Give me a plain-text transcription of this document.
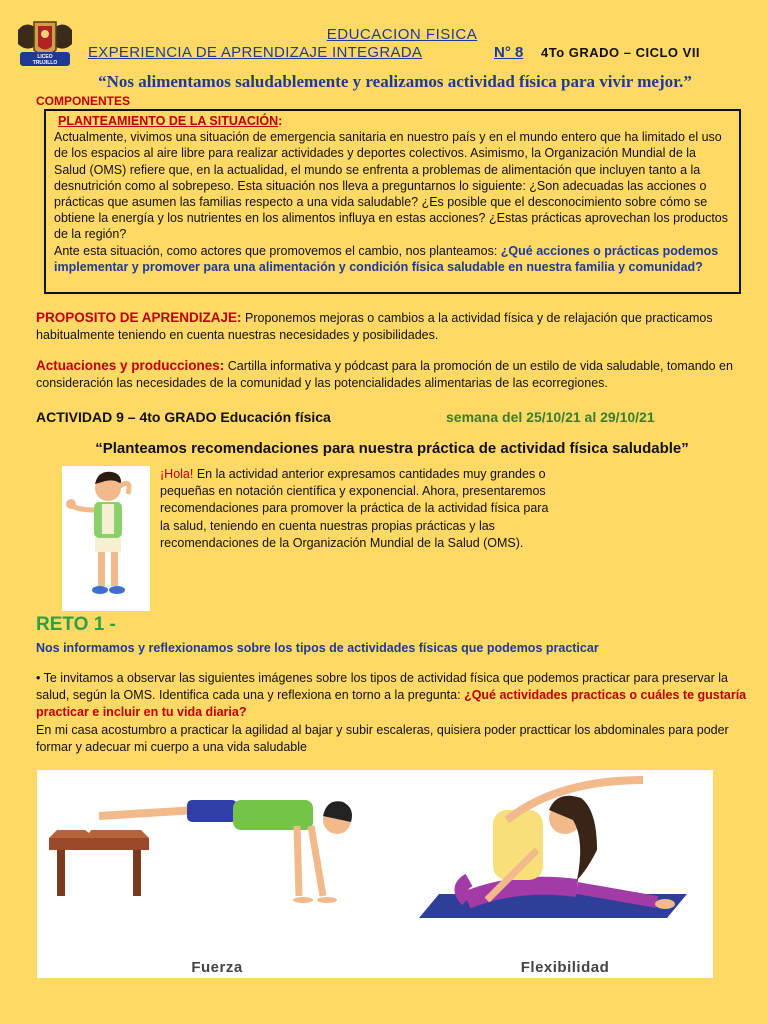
LICEO
TRUJILLO
EDUCACION FISICA
EXPERIENCIA DE APRENDIZAJE INTEGRADA	N° 8 4To GRADO – CICLO VII
“Nos alimentamos saludablemente y realizamos actividad física para vivir mejor.”
COMPONENTES
PLANTEAMIENTO DE LA SITUACIÓN:
Actualmente, vivimos una situación de emergencia sanitaria en nuestro país y en el mundo entero que ha limitado el uso de los espacios al aire libre para realizar actividades y deportes colectivos. Asimismo, la Organización Mundial de la Salud (OMS) refiere que, en la actualidad, el mundo se enfrenta a problemas de alimentación que incluyen tanto a la desnutrición como al sobrepeso. Esta situación nos lleva a preguntarnos lo siguiente: ¿Son adecuadas las acciones o prácticas que asumen las familias respecto a una vida saludable? ¿Es posible que el desconocimiento sobre cómo se obtiene la energía y los nutrientes en los alimentos influya en estas acciones? ¿Estas prácticas aprovechan los productos de la región?
Ante esta situación, como actores que promovemos el cambio, nos planteamos: ¿Qué acciones o prácticas podemos implementar y promover para una alimentación y condición física saludable en nuestra familia y comunidad?
PROPOSITO DE APRENDIZAJE: Proponemos mejoras o cambios a la actividad física y de relajación que practicamos habitualmente teniendo en cuenta nuestras necesidades y posibilidades.
Actuaciones y producciones: Cartilla informativa y pódcast para la promoción de un estilo de vida saludable, tomando en consideración las necesidades de la comunidad y las potencialidades alimentarias de las ecorregiones.
ACTIVIDAD 9 – 4to GRADO Educación física	semana del 25/10/21 al 29/10/21
“Planteamos recomendaciones para nuestra práctica de actividad física saludable”
¡Hola! En la actividad anterior expresamos cantidades muy grandes o pequeñas en notación científica y exponencial. Ahora, presentaremos recomendaciones para promover la práctica de la actividad física para la salud, teniendo en cuenta nuestras propias prácticas y las recomendaciones de la Organización Mundial de la Salud (OMS).
RETO 1 -
Nos informamos y reflexionamos sobre los tipos de actividades físicas que podemos practicar
• Te invitamos a observar las siguientes imágenes sobre los tipos de actividad física que podemos practicar para preservar la salud, según la OMS. Identifica cada una y reflexiona en torno a la pregunta: ¿Qué actividades practicas o cuáles te gustaría practicar e incluir en tu vida diaria?
En mi casa acostumbro a practicar la agilidad al bajar y subir escaleras, quisiera poder practticar los abdominales para poder formar y adecuar mi cuerpo a una vida saludable
Fuerza	Flexibilidad
